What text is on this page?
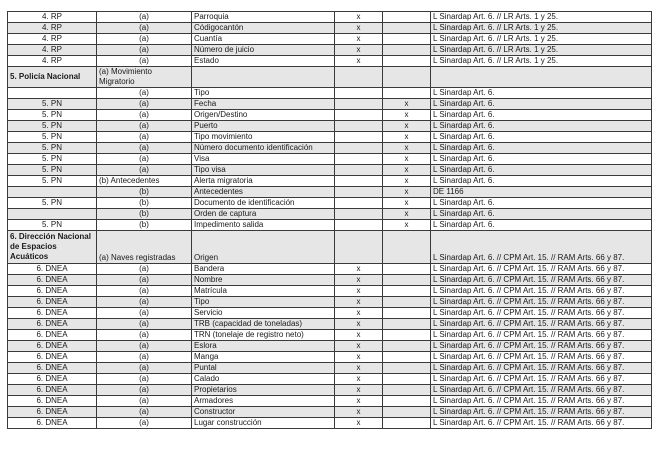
4. RP	(a)	Parroquia	x		L Sinardap Art. 6. // LR Arts. 1 y 25.
4. RP	(a)	Códigocantón	x		L Sinardap Art. 6. // LR Arts. 1 y 25.
4. RP	(a)	Cuantía	x		L Sinardap Art. 6. // LR Arts. 1 y 25.
4. RP	(a)	Número de juicio	x		L Sinardap Art. 6. // LR Arts. 1 y 25.
4. RP	(a)	Estado	x		L Sinardap Art. 6. // LR Arts. 1 y 25.
5. Policía Nacional	(a) Movimiento Migratorio				
	(a)	Tipo			L Sinardap Art. 6.
5. PN	(a)	Fecha		x	L Sinardap Art. 6.
5. PN	(a)	Origen/Destino		x	L Sinardap Art. 6.
5. PN	(a)	Puerto		x	L Sinardap Art. 6.
5. PN	(a)	Tipo movimiento		x	L Sinardap Art. 6.
5. PN	(a)	Número documento identificación		x	L Sinardap Art. 6.
5. PN	(a)	Visa		x	L Sinardap Art. 6.
5. PN	(a)	Tipo visa		x	L Sinardap Art. 6.
5. PN	(b) Antecedentes	Alerta migratoria		x	L Sinardap Art. 6.
	(b)	Antecedentes		x	DE 1166
5. PN	(b)	Documento de identificación		x	L Sinardap Art. 6.
	(b)	Orden de captura		x	L Sinardap Art. 6.
5. PN	(b)	Impedimento salida		x	L Sinardap Art. 6.
6. Dirección Nacional de Espacios Acuáticos	(a) Naves registradas	Origen			L Sinardap Art. 6. // CPM Art. 15. // RAM Arts. 66 y 87.
6. DNEA	(a)	Bandera	x		L Sinardap Art. 6. // CPM Art. 15. // RAM Arts. 66 y 87.
6. DNEA	(a)	Nombre	x		L Sinardap Art. 6. // CPM Art. 15. // RAM Arts. 66 y 87.
6. DNEA	(a)	Matrícula	x		L Sinardap Art. 6. // CPM Art. 15. // RAM Arts. 66 y 87.
6. DNEA	(a)	Tipo	x		L Sinardap Art. 6. // CPM Art. 15. // RAM Arts. 66 y 87.
6. DNEA	(a)	Servicio	x		L Sinardap Art. 6. // CPM Art. 15. // RAM Arts. 66 y 87.
6. DNEA	(a)	TRB (capacidad de toneladas)	x		L Sinardap Art. 6. // CPM Art. 15. // RAM Arts. 66 y 87.
6. DNEA	(a)	TRN (tonelaje de registro neto)	x		L Sinardap Art. 6. // CPM Art. 15. // RAM Arts. 66 y 87.
6. DNEA	(a)	Eslora	x		L Sinardap Art. 6. // CPM Art. 15. // RAM Arts. 66 y 87.
6. DNEA	(a)	Manga	x		L Sinardap Art. 6. // CPM Art. 15. // RAM Arts. 66 y 87.
6. DNEA	(a)	Puntal	x		L Sinardap Art. 6. // CPM Art. 15. // RAM Arts. 66 y 87.
6. DNEA	(a)	Calado	x		L Sinardap Art. 6. // CPM Art. 15. // RAM Arts. 66 y 87.
6. DNEA	(a)	Propietarios	x		L Sinardap Art. 6. // CPM Art. 15. // RAM Arts. 66 y 87.
6. DNEA	(a)	Armadores	x		L Sinardap Art. 6. // CPM Art. 15. // RAM Arts. 66 y 87.
6. DNEA	(a)	Constructor	x		L Sinardap Art. 6. // CPM Art. 15. // RAM Arts. 66 y 87.
6. DNEA	(a)	Lugar construcción	x		L Sinardap Art. 6. // CPM Art. 15. // RAM Arts. 66 y 87.
